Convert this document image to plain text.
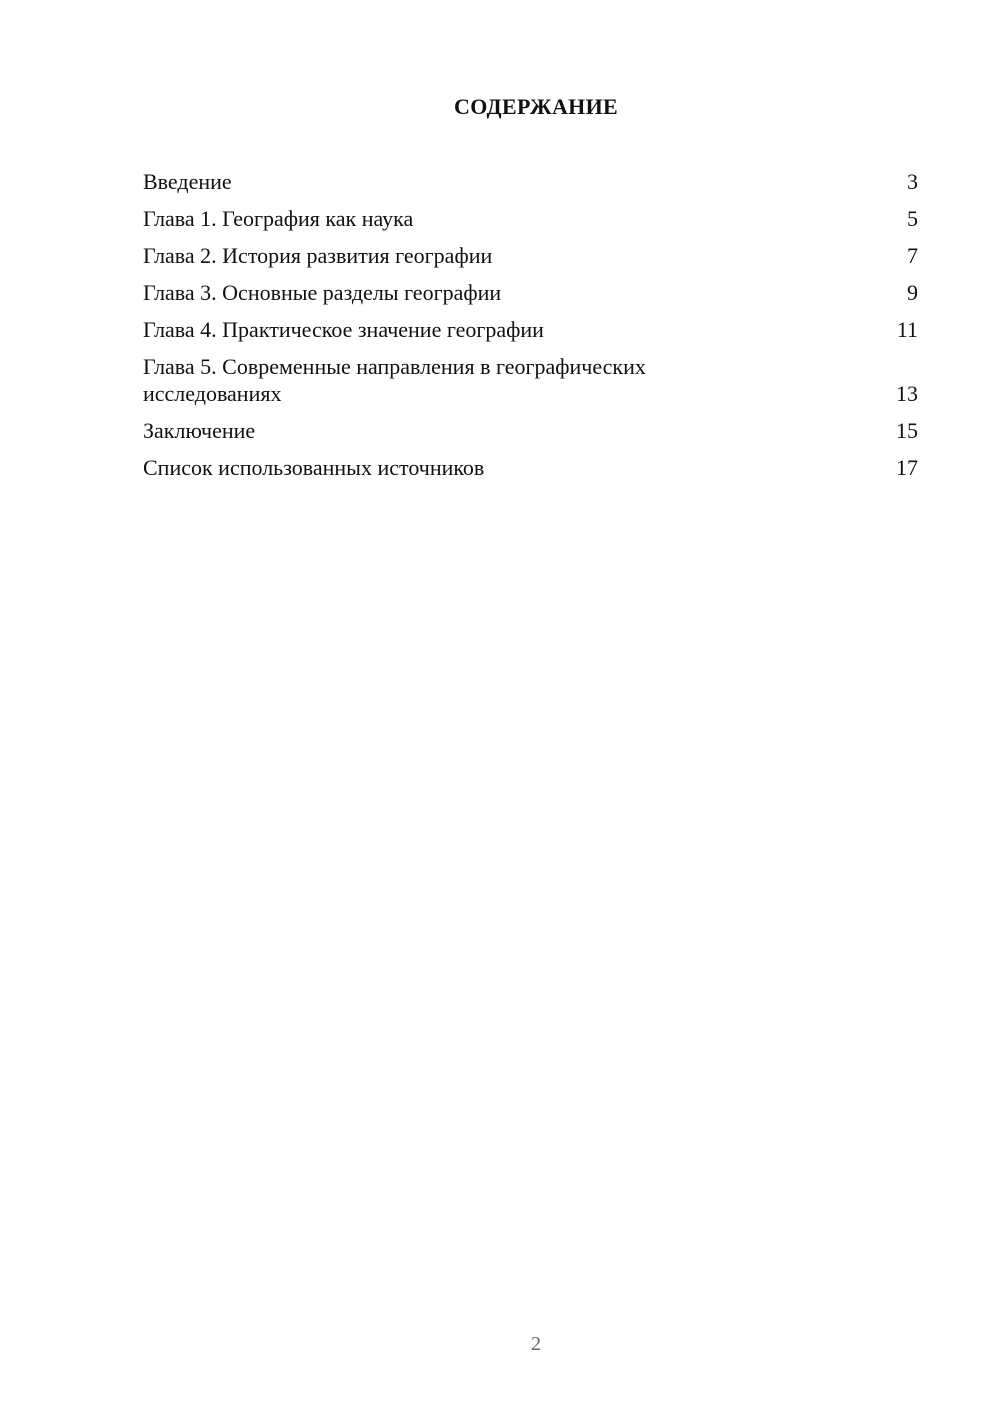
СОДЕРЖАНИЕ
Введение	3
Глава 1. География как наука	5
Глава 2. История развития географии	7
Глава 3. Основные разделы географии	9
Глава 4. Практическое значение географии	11
Глава 5. Современные направления в географических исследованиях	13
Заключение	15
Список использованных источников	17
2
